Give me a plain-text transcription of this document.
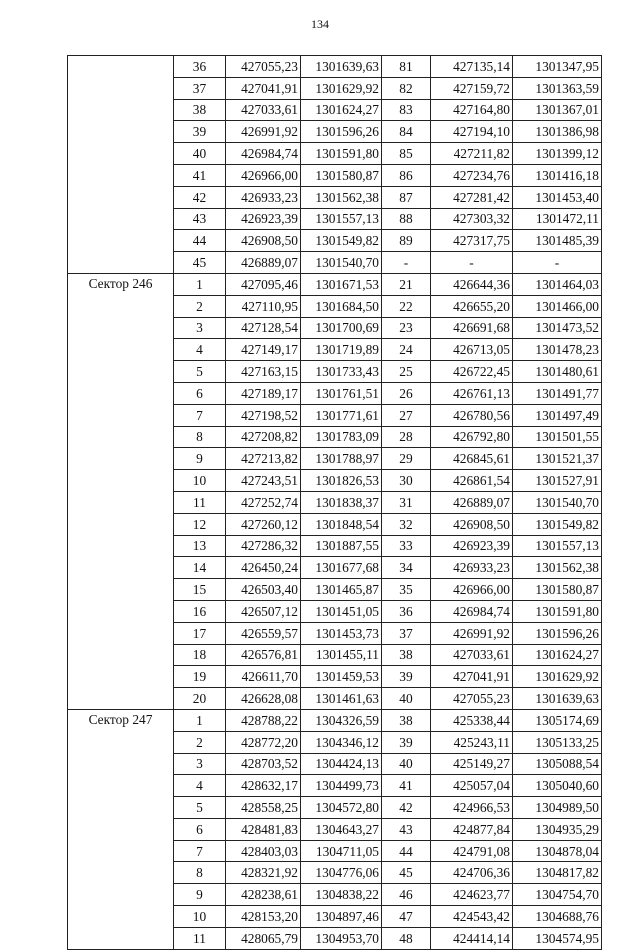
134
	36	427055,23	1301639,63	81	427135,14	1301347,95
	37	427041,91	1301629,92	82	427159,72	1301363,59
	38	427033,61	1301624,27	83	427164,80	1301367,01
	39	426991,92	1301596,26	84	427194,10	1301386,98
	40	426984,74	1301591,80	85	427211,82	1301399,12
	41	426966,00	1301580,87	86	427234,76	1301416,18
	42	426933,23	1301562,38	87	427281,42	1301453,40
	43	426923,39	1301557,13	88	427303,32	1301472,11
	44	426908,50	1301549,82	89	427317,75	1301485,39
	45	426889,07	1301540,70	-	-	-
Сектор 246	1	427095,46	1301671,53	21	426644,36	1301464,03
	2	427110,95	1301684,50	22	426655,20	1301466,00
	3	427128,54	1301700,69	23	426691,68	1301473,52
	4	427149,17	1301719,89	24	426713,05	1301478,23
	5	427163,15	1301733,43	25	426722,45	1301480,61
	6	427189,17	1301761,51	26	426761,13	1301491,77
	7	427198,52	1301771,61	27	426780,56	1301497,49
	8	427208,82	1301783,09	28	426792,80	1301501,55
	9	427213,82	1301788,97	29	426845,61	1301521,37
	10	427243,51	1301826,53	30	426861,54	1301527,91
	11	427252,74	1301838,37	31	426889,07	1301540,70
	12	427260,12	1301848,54	32	426908,50	1301549,82
	13	427286,32	1301887,55	33	426923,39	1301557,13
	14	426450,24	1301677,68	34	426933,23	1301562,38
	15	426503,40	1301465,87	35	426966,00	1301580,87
	16	426507,12	1301451,05	36	426984,74	1301591,80
	17	426559,57	1301453,73	37	426991,92	1301596,26
	18	426576,81	1301455,11	38	427033,61	1301624,27
	19	426611,70	1301459,53	39	427041,91	1301629,92
	20	426628,08	1301461,63	40	427055,23	1301639,63
Сектор 247	1	428788,22	1304326,59	38	425338,44	1305174,69
	2	428772,20	1304346,12	39	425243,11	1305133,25
	3	428703,52	1304424,13	40	425149,27	1305088,54
	4	428632,17	1304499,73	41	425057,04	1305040,60
	5	428558,25	1304572,80	42	424966,53	1304989,50
	6	428481,83	1304643,27	43	424877,84	1304935,29
	7	428403,03	1304711,05	44	424791,08	1304878,04
	8	428321,92	1304776,06	45	424706,36	1304817,82
	9	428238,61	1304838,22	46	424623,77	1304754,70
	10	428153,20	1304897,46	47	424543,42	1304688,76
	11	428065,79	1304953,70	48	424414,14	1304574,95
